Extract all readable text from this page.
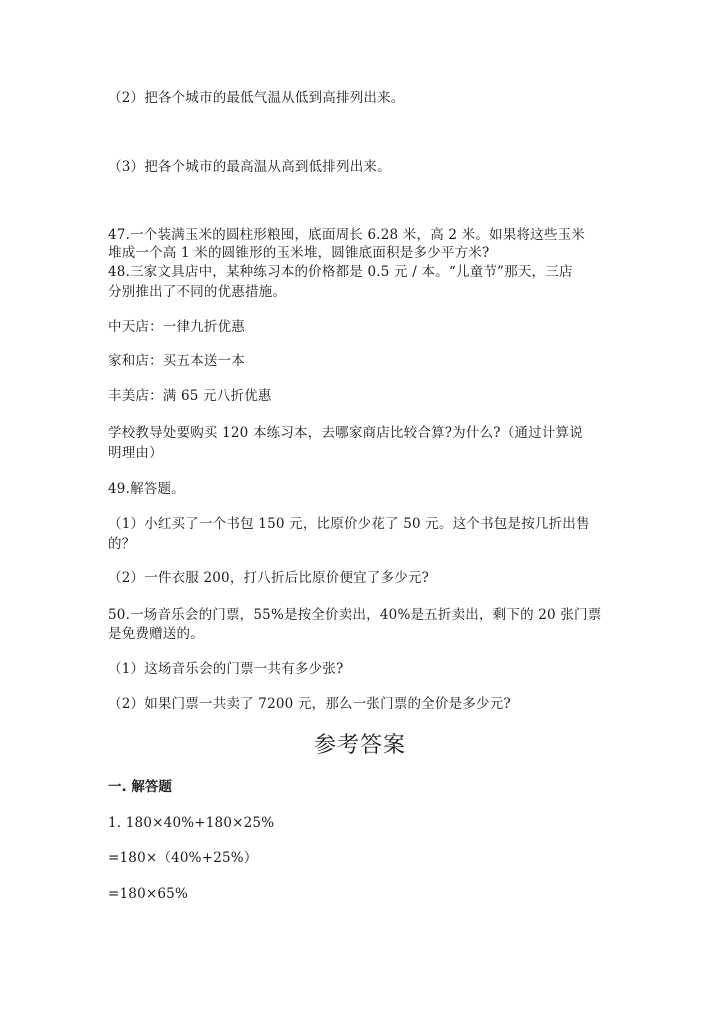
（2）把各个城市的最低气温从低到高排列出来。
（3）把各个城市的最高温从高到低排列出来。
47.一个装满玉米的圆柱形粮囤，底面周长 6.28 米，高 2 米。如果将这些玉米
堆成一个高 1 米的圆锥形的玉米堆，圆锥底面积是多少平方米?
48.三家文具店中，某种练习本的价格都是 0.5 元 / 本。“儿童节”那天，三店
分别推出了不同的优惠措施。
中天店：一律九折优惠
家和店：买五本送一本
丰美店：满 65 元八折优惠
学校教导处要购买 120 本练习本，去哪家商店比较合算?为什么?（通过计算说
明理由）
49.解答题。
（1）小红买了一个书包 150 元，比原价少花了 50 元。这个书包是按几折出售
的？
（2）一件衣服 200，打八折后比原价便宜了多少元?
50.一场音乐会的门票，55%是按全价卖出，40%是五折卖出，剩下的 20 张门票
是免费赠送的。
（1）这场音乐会的门票一共有多少张?
（2）如果门票一共卖了 7200 元，那么一张门票的全价是多少元?
参考答案
一. 解答题
1. 180×40%+180×25%
=180×（40%+25%）
=180×65%
